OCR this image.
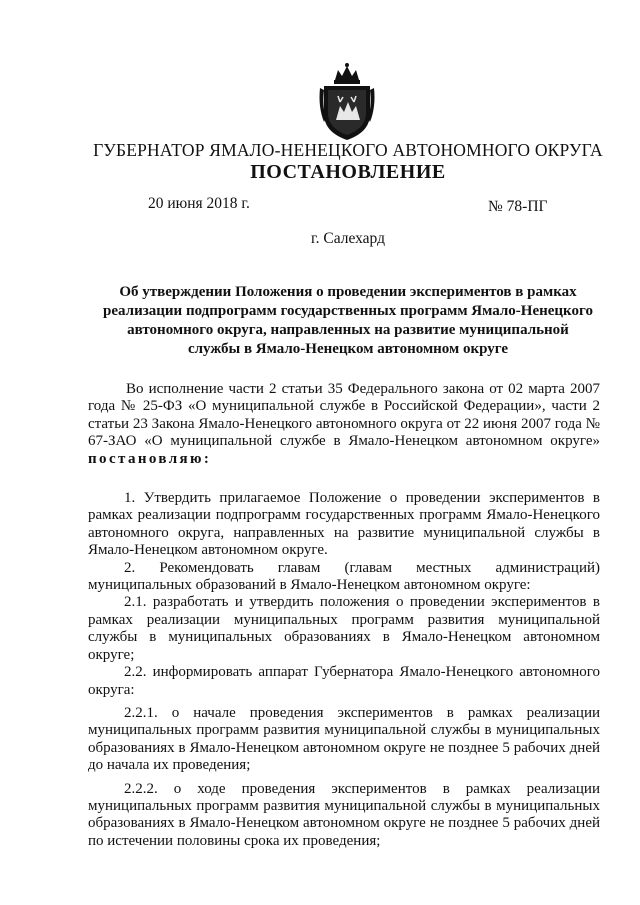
ГУБЕРНАТОР ЯМАЛО-НЕНЕЦКОГО АВТОНОМНОГО ОКРУГА
ПОСТАНОВЛЕНИЕ
20 июня 2018 г.	№ 78-ПГ
г. Салехард
Об утверждении Положения о проведении экспериментов в рамках реализации подпрограмм государственных программ Ямало-Ненецкого автономного округа, направленных на развитие муниципальной службы в Ямало-Ненецком автономном округе

Во исполнение части 2 статьи 35 Федерального закона от 02 марта 2007 года № 25-ФЗ «О муниципальной службе в Российской Федерации», части 2 статьи 23 Закона Ямало-Ненецкого автономного округа от 22 июня 2007 года № 67-ЗАО «О муниципальной службе в Ямало-Ненецком автономном округе» постановляю:

1. Утвердить прилагаемое Положение о проведении экспериментов в рамках реализации подпрограмм государственных программ Ямало-Ненецкого автономного округа, направленных на развитие муниципальной службы в Ямало-Ненецком автономном округе.

2. Рекомендовать главам (главам местных администраций) муниципальных образований в Ямало-Ненецком автономном округе:

2.1. разработать и утвердить положения о проведении экспериментов в рамках реализации муниципальных программ развития муниципальной службы в муниципальных образованиях в Ямало-Ненецком автономном округе;

2.2. информировать аппарат Губернатора Ямало-Ненецкого автономного округа:

2.2.1. о начале проведения экспериментов в рамках реализации муниципальных программ развития муниципальной службы в муниципальных образованиях в Ямало-Ненецком автономном округе не позднее 5 рабочих дней до начала их проведения;

2.2.2. о ходе проведения экспериментов в рамках реализации муниципальных программ развития муниципальной службы в муниципальных образованиях в Ямало-Ненецком автономном округе не позднее 5 рабочих дней по истечении половины срока их проведения;
